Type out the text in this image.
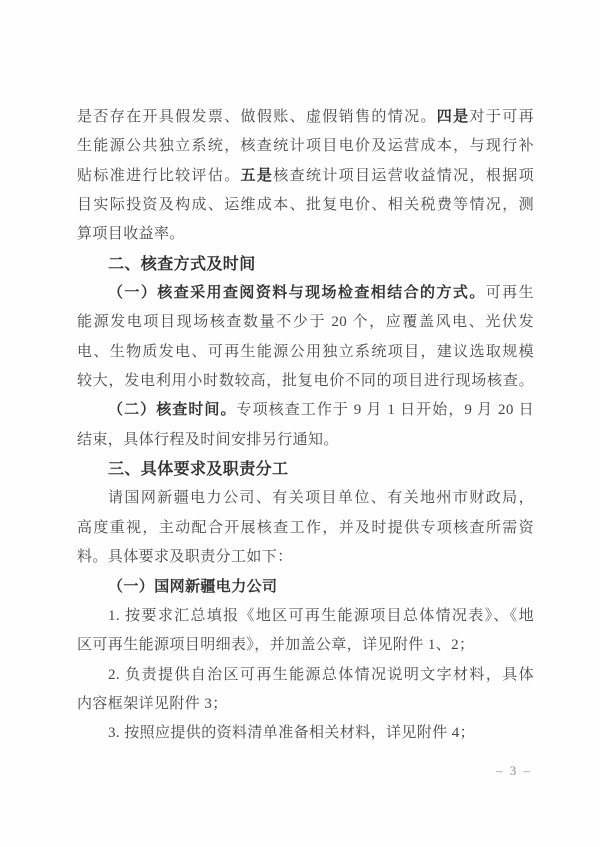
是否存在开具假发票、做假账、虚假销售的情况。四是对于可再
生能源公共独立系统，核查统计项目电价及运营成本，与现行补
贴标准进行比较评估。五是核查统计项目运营收益情况，根据项
目实际投资及构成、运维成本、批复电价、相关税费等情况，测
算项目收益率。
二、核查方式及时间
（一）核查采用查阅资料与现场检查相结合的方式。可再生
能源发电项目现场核查数量不少于 20 个，应覆盖风电、光伏发
电、生物质发电、可再生能源公用独立系统项目，建议选取规模
较大，发电利用小时数较高，批复电价不同的项目进行现场核查。
（二）核查时间。专项核查工作于 9 月 1 日开始，9 月 20 日
结束，具体行程及时间安排另行通知。
三、具体要求及职责分工
请国网新疆电力公司、有关项目单位、有关地州市财政局，
高度重视，主动配合开展核查工作，并及时提供专项核查所需资
料。具体要求及职责分工如下：
（一）国网新疆电力公司
1. 按要求汇总填报《地区可再生能源项目总体情况表》、《地
区可再生能源项目明细表》，并加盖公章，详见附件 1、2；
2. 负责提供自治区可再生能源总体情况说明文字材料，具体
内容框架详见附件 3；
3. 按照应提供的资料清单准备相关材料，详见附件 4；
– 3 –
